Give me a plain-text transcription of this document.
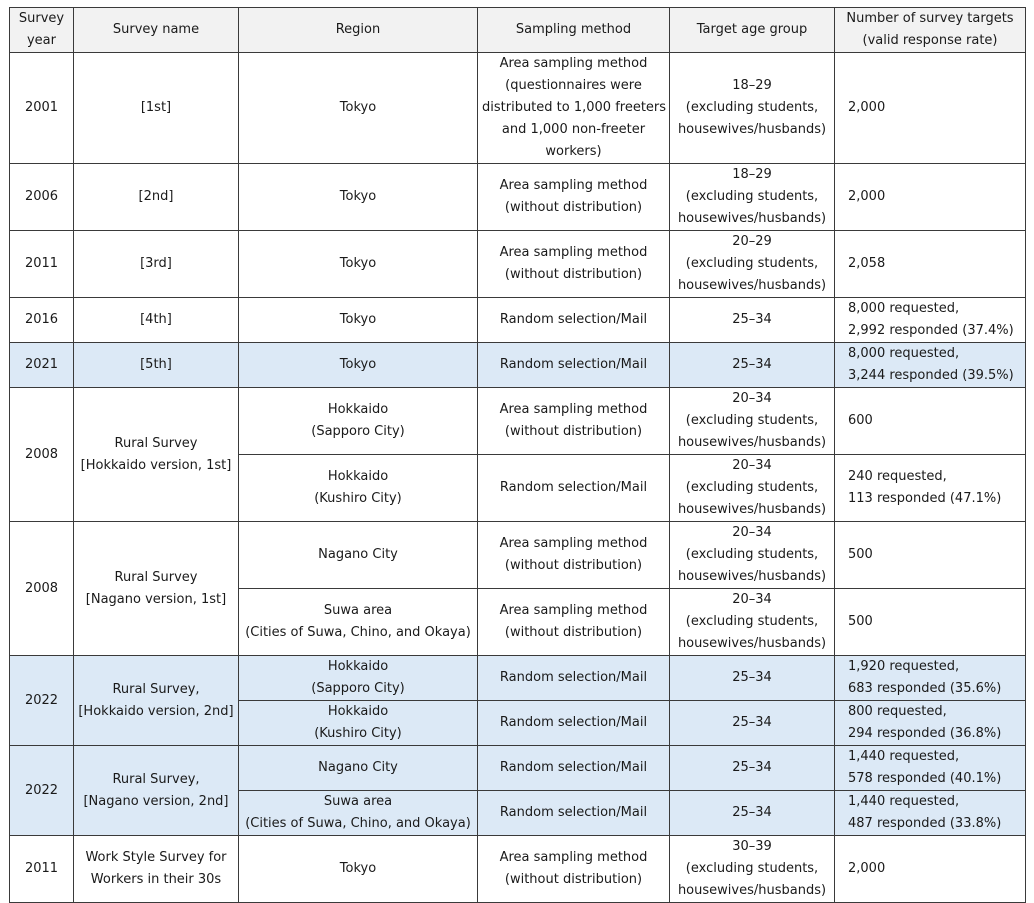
Survey
year	Survey name	Region	Sampling method	Target age group	Number of survey targets
(valid response rate)

2001	[1st]	Tokyo	Area sampling method
(questionnaires were
distributed to 1,000 freeters
and 1,000 non-freeter
workers)	18–29
(excluding students,
housewives/husbands)	2,000

2006	[2nd]	Tokyo	Area sampling method
(without distribution)	18–29
(excluding students,
housewives/husbands)	2,000

2011	[3rd]	Tokyo	Area sampling method
(without distribution)	20–29
(excluding students,
housewives/husbands)	2,058

2016	[4th]	Tokyo	Random selection/Mail	25–34	8,000 requested,
2,992 responded (37.4%)

2021	[5th]	Tokyo	Random selection/Mail	25–34	8,000 requested,
3,244 responded (39.5%)

2008	Rural Survey
[Hokkaido version, 1st]	Hokkaido
(Sapporo City)	Area sampling method
(without distribution)	20–34
(excluding students,
housewives/husbands)	600

		Hokkaido
(Kushiro City)	Random selection/Mail	20–34
(excluding students,
housewives/husbands)	240 requested,
113 responded (47.1%)

2008	Rural Survey
[Nagano version, 1st]	Nagano City	Area sampling method
(without distribution)	20–34
(excluding students,
housewives/husbands)	500

		Suwa area
(Cities of Suwa, Chino, and Okaya)	Area sampling method
(without distribution)	20–34
(excluding students,
housewives/husbands)	500

2022	Rural Survey,
[Hokkaido version, 2nd]	Hokkaido
(Sapporo City)	Random selection/Mail	25–34	1,920 requested,
683 responded (35.6%)

		Hokkaido
(Kushiro City)	Random selection/Mail	25–34	800 requested,
294 responded (36.8%)

2022	Rural Survey,
[Nagano version, 2nd]	Nagano City	Random selection/Mail	25–34	1,440 requested,
578 responded (40.1%)

		Suwa area
(Cities of Suwa, Chino, and Okaya)	Random selection/Mail	25–34	1,440 requested,
487 responded (33.8%)

2011	Work Style Survey for
Workers in their 30s	Tokyo	Area sampling method
(without distribution)	30–39
(excluding students,
housewives/husbands)	2,000
